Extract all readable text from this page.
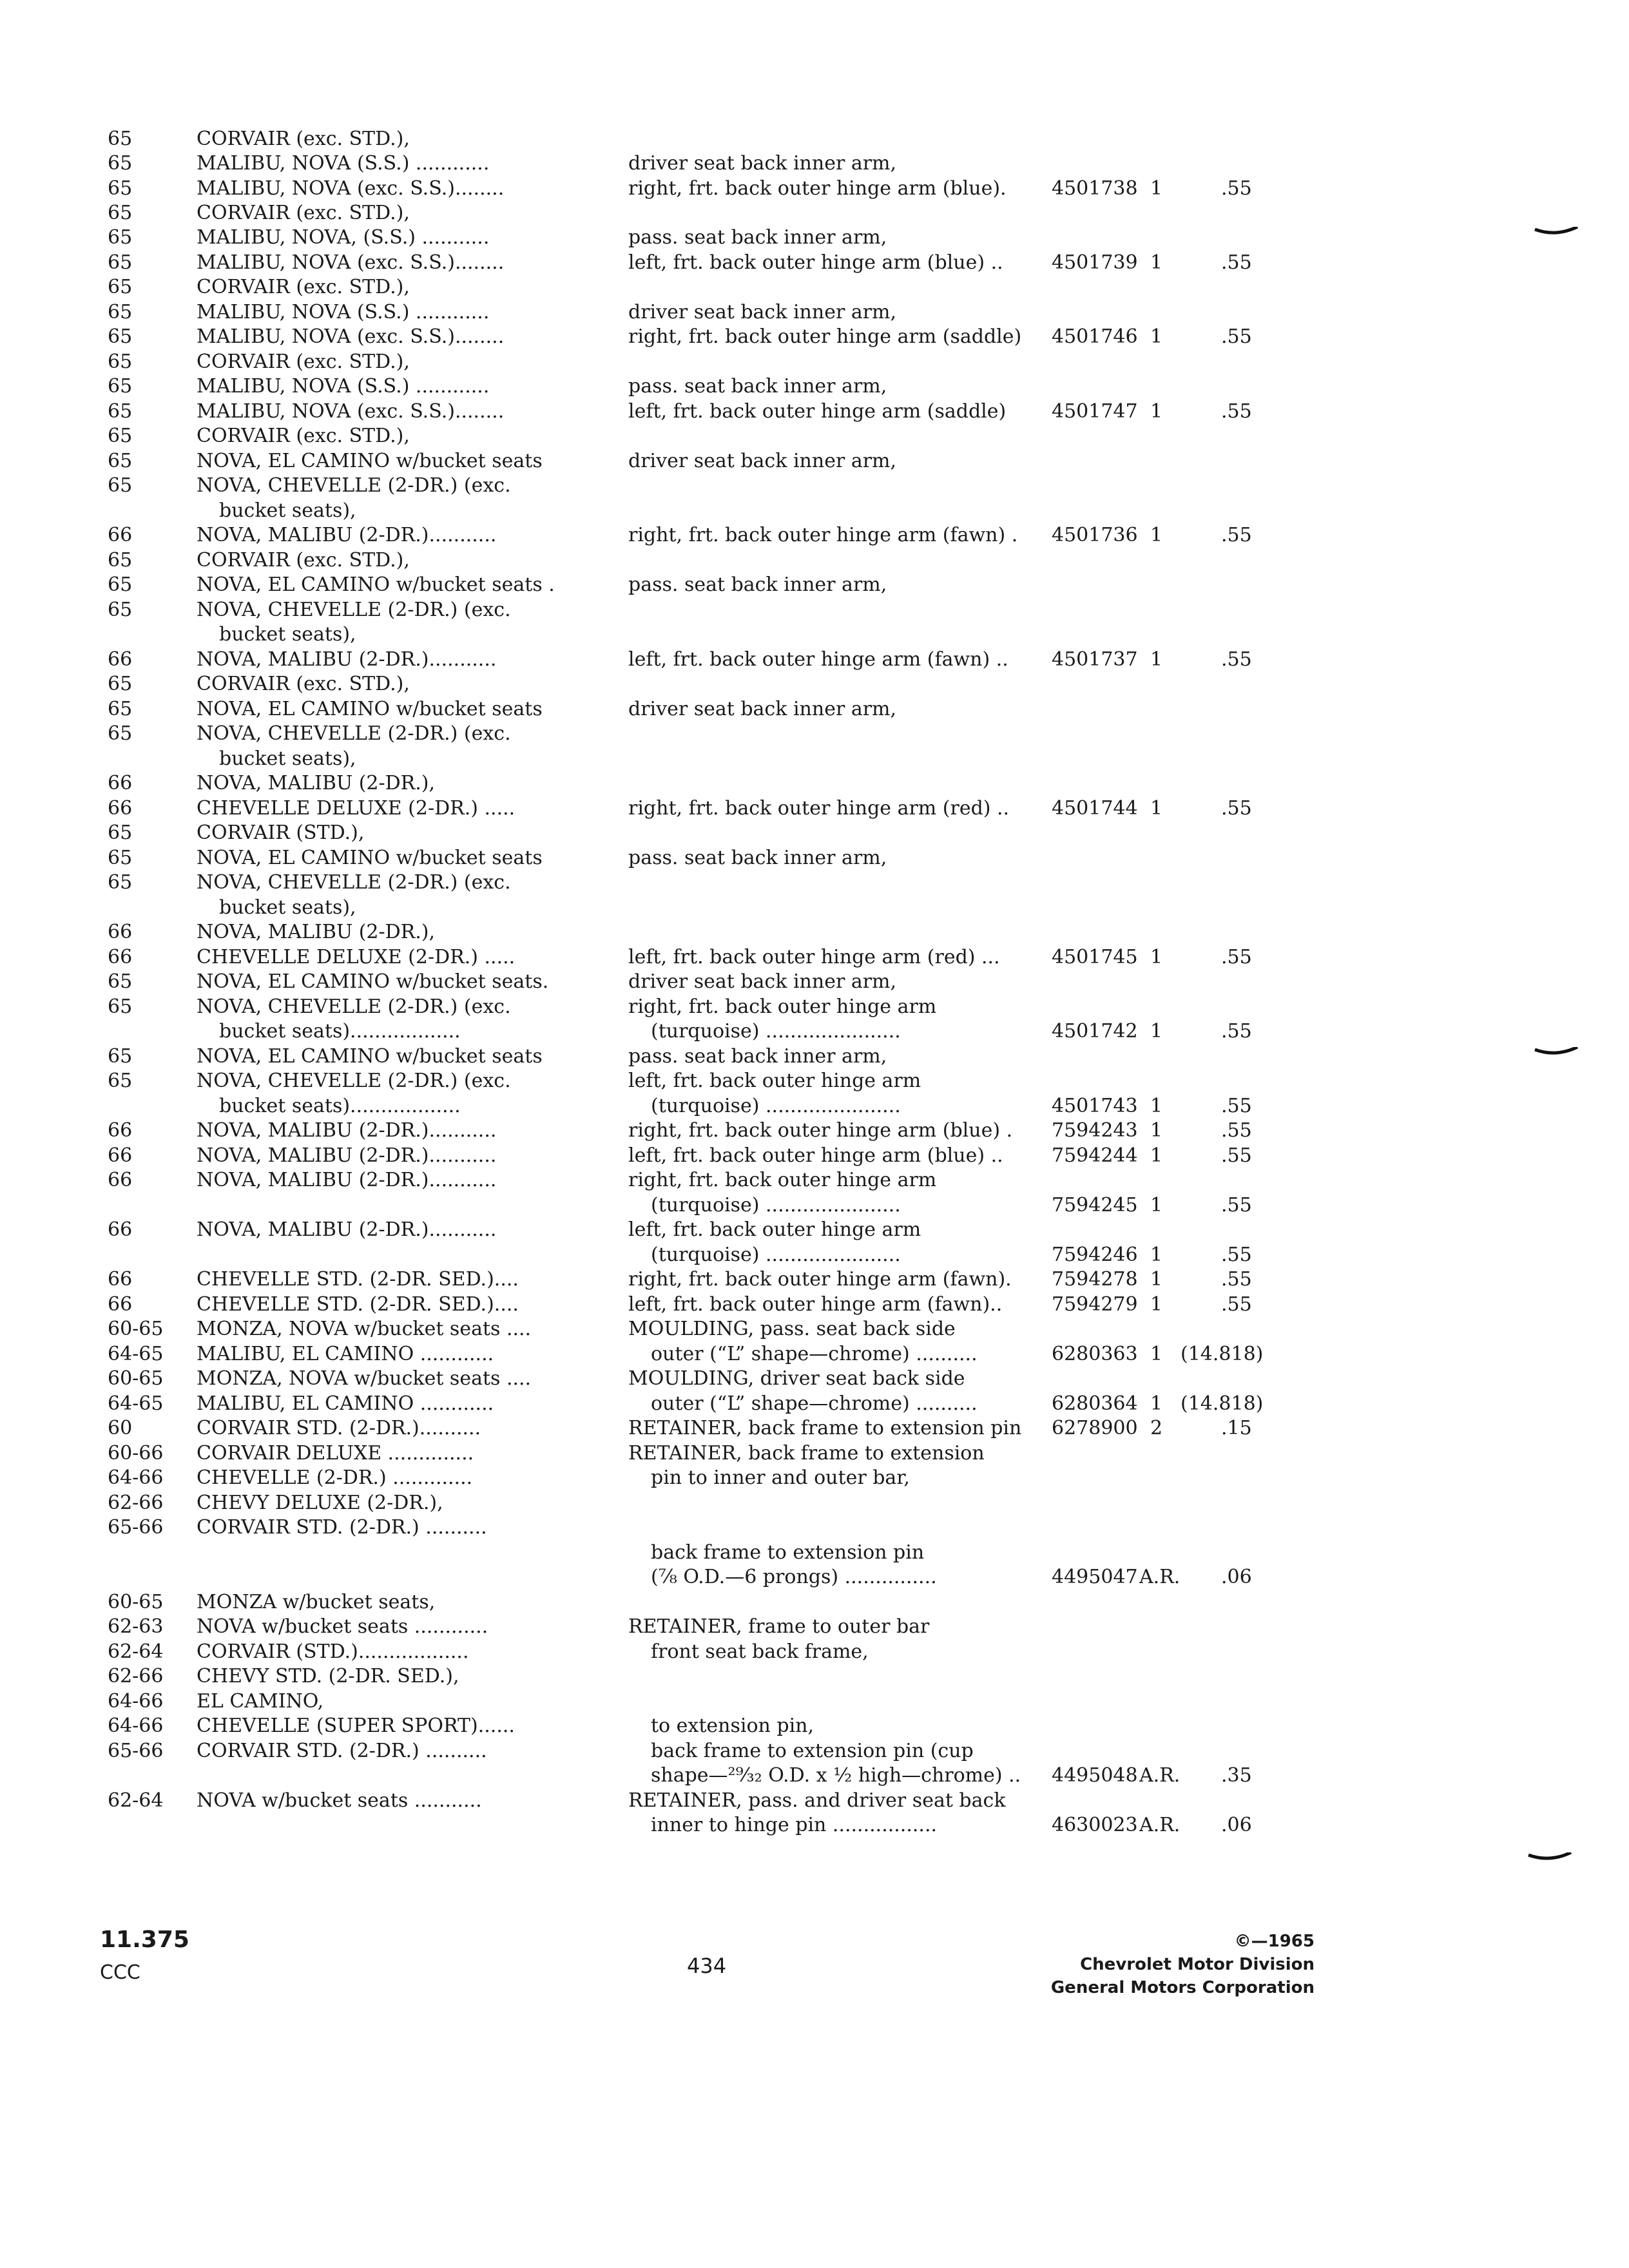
65	CORVAIR (exc. STD.),
65	MALIBU, NOVA (S.S.) ............	driver seat back inner arm,
65	MALIBU, NOVA (exc. S.S.)........	right, frt. back outer hinge arm (blue). 4501738 1	.55
65	CORVAIR (exc. STD.),
65	MALIBU, NOVA, (S.S.) ...........	pass. seat back inner arm,
65	MALIBU, NOVA (exc. S.S.)........	left, frt. back outer hinge arm (blue) ..	4501739 1	.55
65	CORVAIR (exc. STD.),
65	MALIBU, NOVA (S.S.) ............	driver seat back inner arm,
65	MALIBU, NOVA (exc. S.S.)........	right, frt. back outer hinge arm (saddle) 4501746 1	.55
65	CORVAIR (exc. STD.),
65	MALIBU, NOVA (S.S.) ............	pass. seat back inner arm,
65	MALIBU, NOVA (exc. S.S.)........	left, frt. back outer hinge arm (saddle) 4501747 1	.55
65	CORVAIR (exc. STD.),
65	NOVA, EL CAMINO w/bucket seats	driver seat back inner arm,
65	NOVA, CHEVELLE (2-DR.) (exc.
bucket seats),
66	NOVA, MALIBU (2-DR.)...........	right, frt. back outer hinge arm (fawn) . 4501736 1	.55
65	CORVAIR (exc. STD.),
65	NOVA, EL CAMINO w/bucket seats .	pass. seat back inner arm,
65	NOVA, CHEVELLE (2-DR.) (exc.
bucket seats),
66	NOVA, MALIBU (2-DR.)...........	left, frt. back outer hinge arm (fawn) .. 4501737 1	.55
65	CORVAIR (exc. STD.),
65	NOVA, EL CAMINO w/bucket seats	driver seat back inner arm,
65	NOVA, CHEVELLE (2-DR.) (exc.
bucket seats),
66	NOVA, MALIBU (2-DR.),
66	CHEVELLE DELUXE (2-DR.) .....	right, frt. back outer hinge arm (red) .. 4501744 1	.55
65	CORVAIR (STD.),
65	NOVA, EL CAMINO w/bucket seats	pass. seat back inner arm,
65	NOVA, CHEVELLE (2-DR.) (exc.
bucket seats),
66	NOVA, MALIBU (2-DR.),
66	CHEVELLE DELUXE (2-DR.) .....	left, frt. back outer hinge arm (red) ...	4501745 1	.55
65	NOVA, EL CAMINO w/bucket seats.	driver seat back inner arm,
65	NOVA, CHEVELLE (2-DR.) (exc.	right, frt. back outer hinge arm
bucket seats)..................	(turquoise) ......................	4501742 1	.55
65	NOVA, EL CAMINO w/bucket seats	pass. seat back inner arm,
65	NOVA, CHEVELLE (2-DR.) (exc.	left, frt. back outer hinge arm
bucket seats)..................	(turquoise) ......................	4501743 1	.55
66	NOVA, MALIBU (2-DR.)...........	right, frt. back outer hinge arm (blue) . 7594243 1	.55
66	NOVA, MALIBU (2-DR.)...........	left, frt. back outer hinge arm (blue) ..	7594244 1	.55
66	NOVA, MALIBU (2-DR.)...........	right, frt. back outer hinge arm
(turquoise) ......................	7594245 1	.55
66	NOVA, MALIBU (2-DR.)...........	left, frt. back outer hinge arm
(turquoise) ......................	7594246 1	.55
66	CHEVELLE STD. (2-DR. SED.)....	right, frt. back outer hinge arm (fawn). 7594278 1	.55
66	CHEVELLE STD. (2-DR. SED.)....	left, frt. back outer hinge arm (fawn)..	7594279 1	.55
60-65 MONZA, NOVA w/bucket seats ....	MOULDING, pass. seat back side
64-65 MALIBU, EL CAMINO ............	outer (“L” shape—chrome) ..........	6280363 1 (14.818)
60-65 MONZA, NOVA w/bucket seats ....	MOULDING, driver seat back side
64-65 MALIBU, EL CAMINO ............	outer (“L” shape—chrome) ..........	6280364 1 (14.818)
60	CORVAIR STD. (2-DR.)..........	RETAINER, back frame to extension pin 6278900 2	.15
60-66 CORVAIR DELUXE ..............	RETAINER, back frame to extension
64-66 CHEVELLE (2-DR.) .............	pin to inner and outer bar,
62-66 CHEVY DELUXE (2-DR.),
65-66 CORVAIR STD. (2-DR.) ..........
back frame to extension pin
(⅞ O.D.—6 prongs) ...............	4495047 A.R. .06
60-65 MONZA w/bucket seats,
62-63 NOVA w/bucket seats ............	RETAINER, frame to outer bar
62-64 CORVAIR (STD.)..................	front seat back frame,
62-66 CHEVY STD. (2-DR. SED.),
64-66 EL CAMINO,
64-66 CHEVELLE (SUPER SPORT)......	to extension pin,
65-66 CORVAIR STD. (2-DR.) ..........	back frame to extension pin (cup
shape—²⁹⁄₃₂ O.D. x ½ high—chrome) .. 4495048 A.R. .35
62-64 NOVA w/bucket seats ...........	RETAINER, pass. and driver seat back
inner to hinge pin .................	4630023 A.R. .06
11.375
CCC	434
©—1965
Chevrolet Motor Division
General Motors Corporation
